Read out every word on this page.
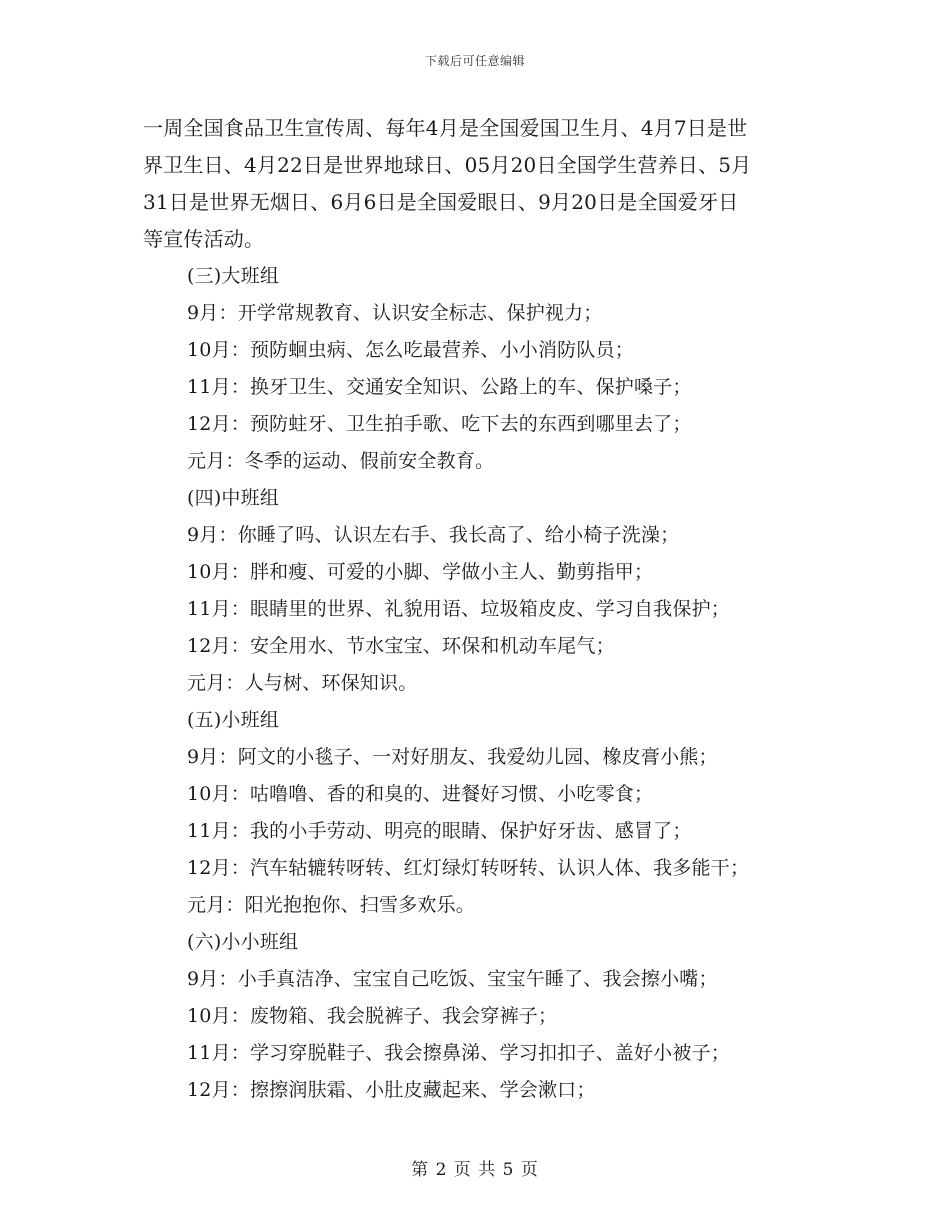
下载后可任意编辑
一周全国食品卫生宣传周、每年4月是全国爱国卫生月、4月7日是世
界卫生日、4月22日是世界地球日、05月20日全国学生营养日、5月
31日是世界无烟日、6月6日是全国爱眼日、9月20日是全国爱牙日
等宣传活动。
(三)大班组
9月：开学常规教育、认识安全标志、保护视力；
10月：预防蛔虫病、怎么吃最营养、小小消防队员；
11月：换牙卫生、交通安全知识、公路上的车、保护嗓子；
12月：预防蛀牙、卫生拍手歌、吃下去的东西到哪里去了；
元月：冬季的运动、假前安全教育。
(四)中班组
9月：你睡了吗、认识左右手、我长高了、给小椅子洗澡；
10月：胖和瘦、可爱的小脚、学做小主人、勤剪指甲；
11月：眼睛里的世界、礼貌用语、垃圾箱皮皮、学习自我保护；
12月：安全用水、节水宝宝、环保和机动车尾气；
元月：人与树、环保知识。
(五)小班组
9月：阿文的小毯子、一对好朋友、我爱幼儿园、橡皮膏小熊；
10月：咕噜噜、香的和臭的、进餐好习惯、小吃零食；
11月：我的小手劳动、明亮的眼睛、保护好牙齿、感冒了；
12月：汽车轱辘转呀转、红灯绿灯转呀转、认识人体、我多能干；
元月：阳光抱抱你、扫雪多欢乐。
(六)小小班组
9月：小手真洁净、宝宝自己吃饭、宝宝午睡了、我会擦小嘴；
10月：废物箱、我会脱裤子、我会穿裤子；
11月：学习穿脱鞋子、我会擦鼻涕、学习扣扣子、盖好小被子；
12月：擦擦润肤霜、小肚皮藏起来、学会漱口；
第 2 页 共 5 页
